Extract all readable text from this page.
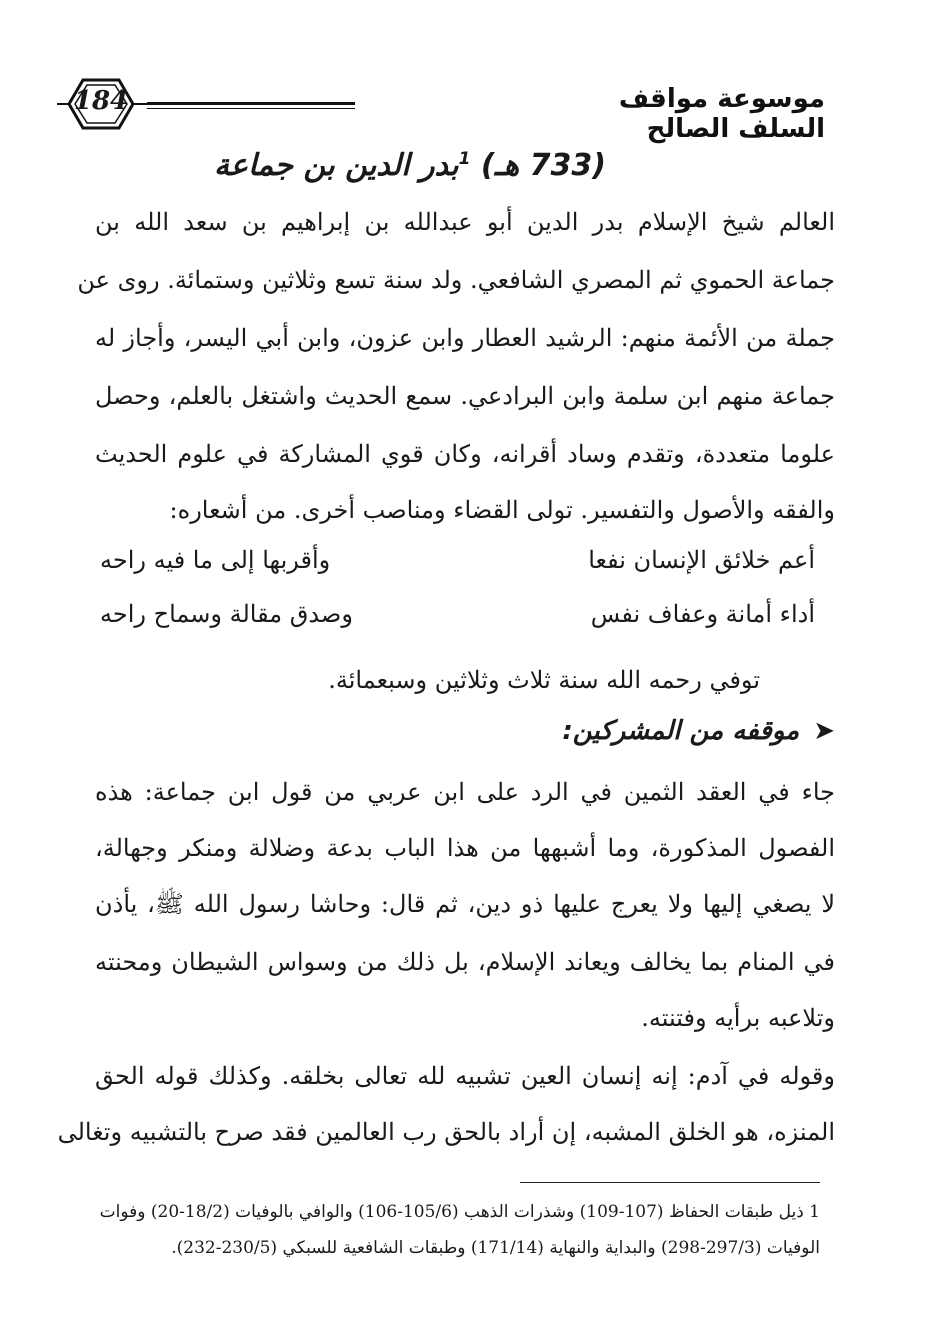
184	موسوعة مواقف السلف الصالح
بدر الدين بن جماعة$^1$ (733 هـ)
العالم شيخ الإسلام بدر الدين أبو عبدالله بن إبراهيم بن سعد الله بن
جماعة الحموي ثم المصري الشافعي. ولد سنة تسع وثلاثين وستمائة. روى عن
جملة من الأئمة منهم: الرشيد العطار وابن عزون، وابن أبي اليسر، وأجاز له
جماعة منهم ابن سلمة وابن البرادعي. سمع الحديث واشتغل بالعلم، وحصل
علوما متعددة، وتقدم وساد أقرانه، وكان قوي المشاركة في علوم الحديث
والفقه والأصول والتفسير. تولى القضاء ومناصب أخرى. من أشعاره:
أعم خلائق الإنسان نفعا
وأقربها إلى ما فيه راحه
أداء أمانة وعفاف نفس
وصدق مقالة وسماح راحه
توفي رحمه الله سنة ثلاث وثلاثين وسبعمائة.
➤موقفه من المشركين:
جاء في العقد الثمين في الرد على ابن عربي من قول ابن جماعة: هذه
الفصول المذكورة، وما أشبهها من هذا الباب بدعة وضلالة ومنكر وجهالة،
لا يصغي إليها ولا يعرج عليها ذو دين، ثم قال: وحاشا رسول الله ﷺ، يأذن
في المنام بما يخالف ويعاند الإسلام، بل ذلك من وسواس الشيطان ومحنته
وتلاعبه برأيه وفتنته.
وقوله في آدم: إنه إنسان العين تشبيه لله تعالى بخلقه. وكذلك قوله الحق
المنزه، هو الخلق المشبه، إن أراد بالحق رب العالمين فقد صرح بالتشبيه وتغالى
1 ذيل طبقات الحفاظ (107-109) وشذرات الذهب (105/6-106) والوافي بالوفيات (18/2-20) وفوات
الوفيات (297/3-298) والبداية والنهاية (171/14) وطبقات الشافعية للسبكي (230/5-232).
